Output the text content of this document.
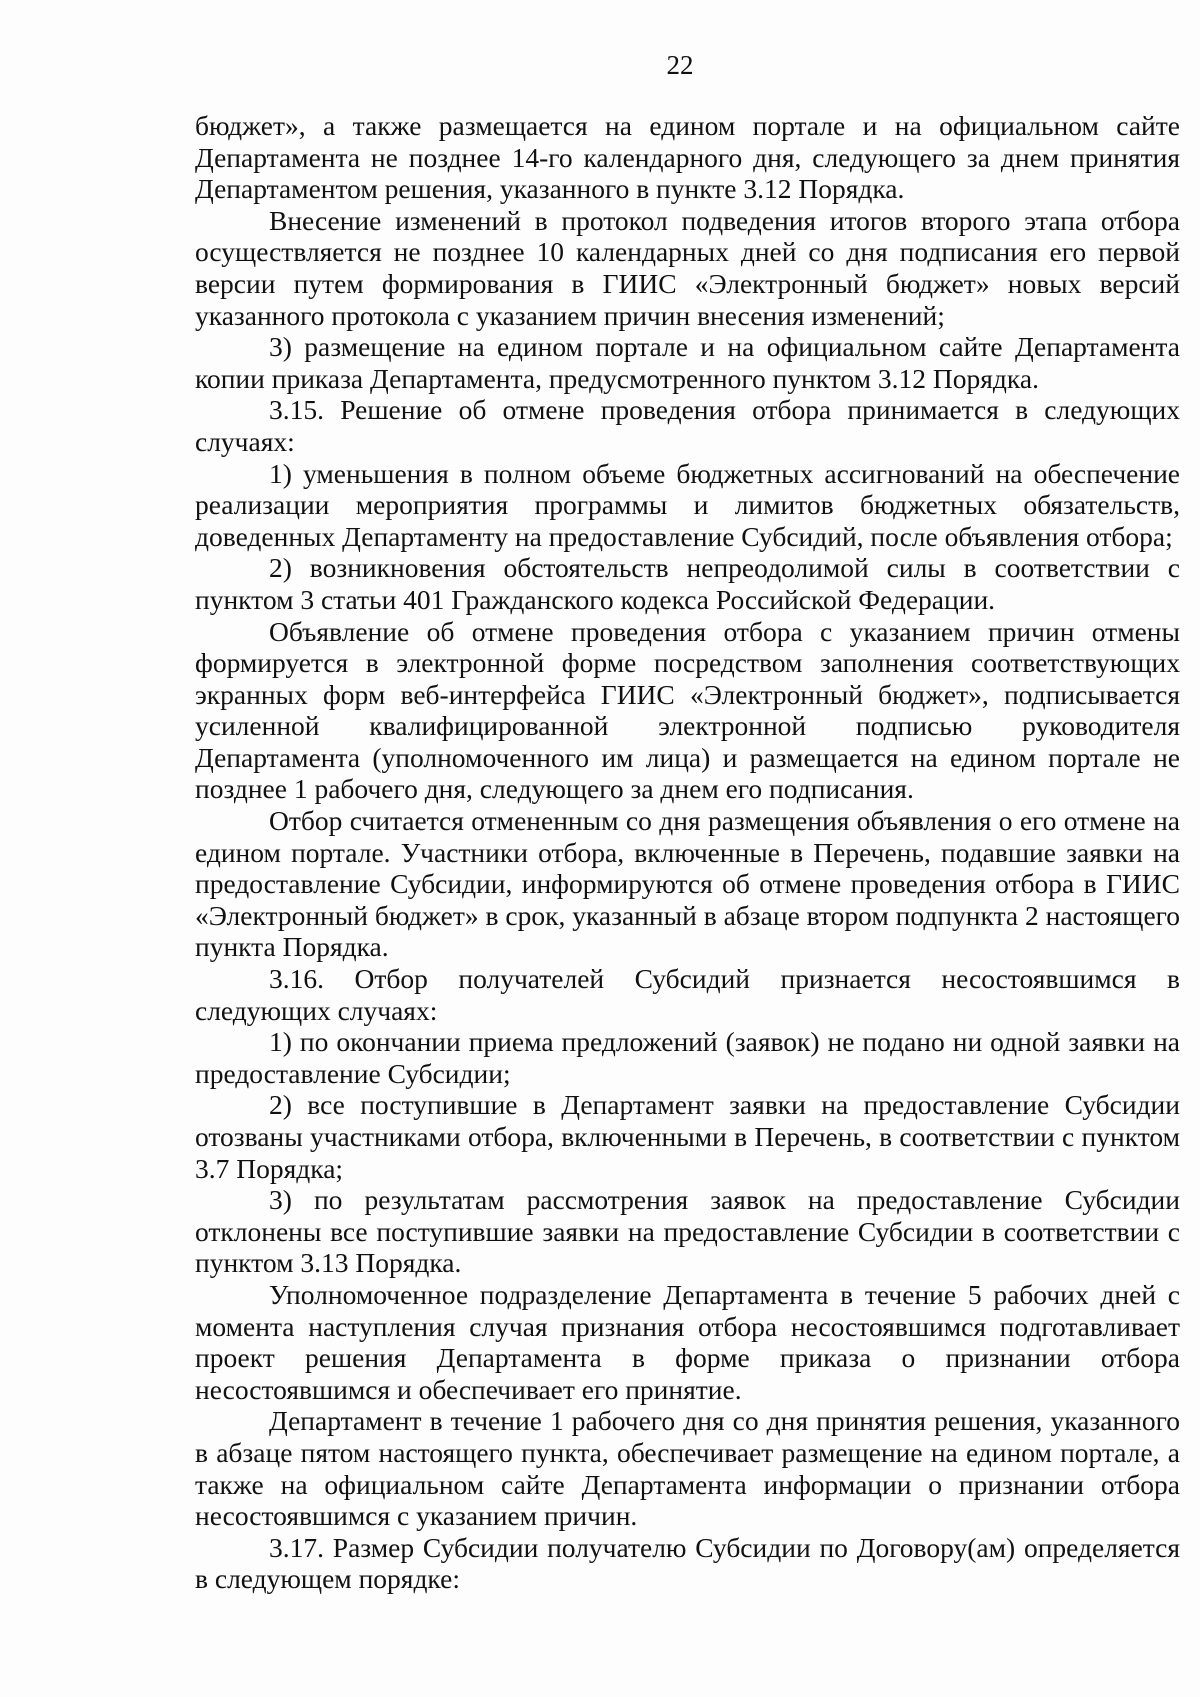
22

бюджет», а также размещается на едином портале и на официальном сайте Департамента не позднее 14-го календарного дня, следующего за днем принятия Департаментом решения, указанного в пункте 3.12 Порядка.

Внесение изменений в протокол подведения итогов второго этапа отбора осуществляется не позднее 10 календарных дней со дня подписания его первой версии путем формирования в ГИИС «Электронный бюджет» новых версий указанного протокола с указанием причин внесения изменений;

3) размещение на едином портале и на официальном сайте Департамента копии приказа Департамента, предусмотренного пунктом 3.12 Порядка.

3.15. Решение об отмене проведения отбора принимается в следующих случаях:

1) уменьшения в полном объеме бюджетных ассигнований на обеспечение реализации мероприятия программы и лимитов бюджетных обязательств, доведенных Департаменту на предоставление Субсидий, после объявления отбора;

2) возникновения обстоятельств непреодолимой силы в соответствии с пунктом 3 статьи 401 Гражданского кодекса Российской Федерации.

Объявление об отмене проведения отбора с указанием причин отмены формируется в электронной форме посредством заполнения соответствующих экранных форм веб-интерфейса ГИИС «Электронный бюджет», подписывается усиленной квалифицированной электронной подписью руководителя Департамента (уполномоченного им лица) и размещается на едином портале не позднее 1 рабочего дня, следующего за днем его подписания.

Отбор считается отмененным со дня размещения объявления о его отмене на едином портале. Участники отбора, включенные в Перечень, подавшие заявки на предоставление Субсидии, информируются об отмене проведения отбора в ГИИС «Электронный бюджет» в срок, указанный в абзаце втором подпункта 2 настоящего пункта Порядка.

3.16. Отбор получателей Субсидий признается несостоявшимся в следующих случаях:

1) по окончании приема предложений (заявок) не подано ни одной заявки на предоставление Субсидии;

2) все поступившие в Департамент заявки на предоставление Субсидии отозваны участниками отбора, включенными в Перечень, в соответствии с пунктом 3.7 Порядка;

3) по результатам рассмотрения заявок на предоставление Субсидии отклонены все поступившие заявки на предоставление Субсидии в соответствии с пунктом 3.13 Порядка.

Уполномоченное подразделение Департамента в течение 5 рабочих дней с момента наступления случая признания отбора несостоявшимся подготавливает проект решения Департамента в форме приказа о признании отбора несостоявшимся и обеспечивает его принятие.

Департамент в течение 1 рабочего дня со дня принятия решения, указанного в абзаце пятом настоящего пункта, обеспечивает размещение на едином портале, а также на официальном сайте Департамента информации о признании отбора несостоявшимся с указанием причин.

3.17. Размер Субсидии получателю Субсидии по Договору(ам) определяется в следующем порядке:
